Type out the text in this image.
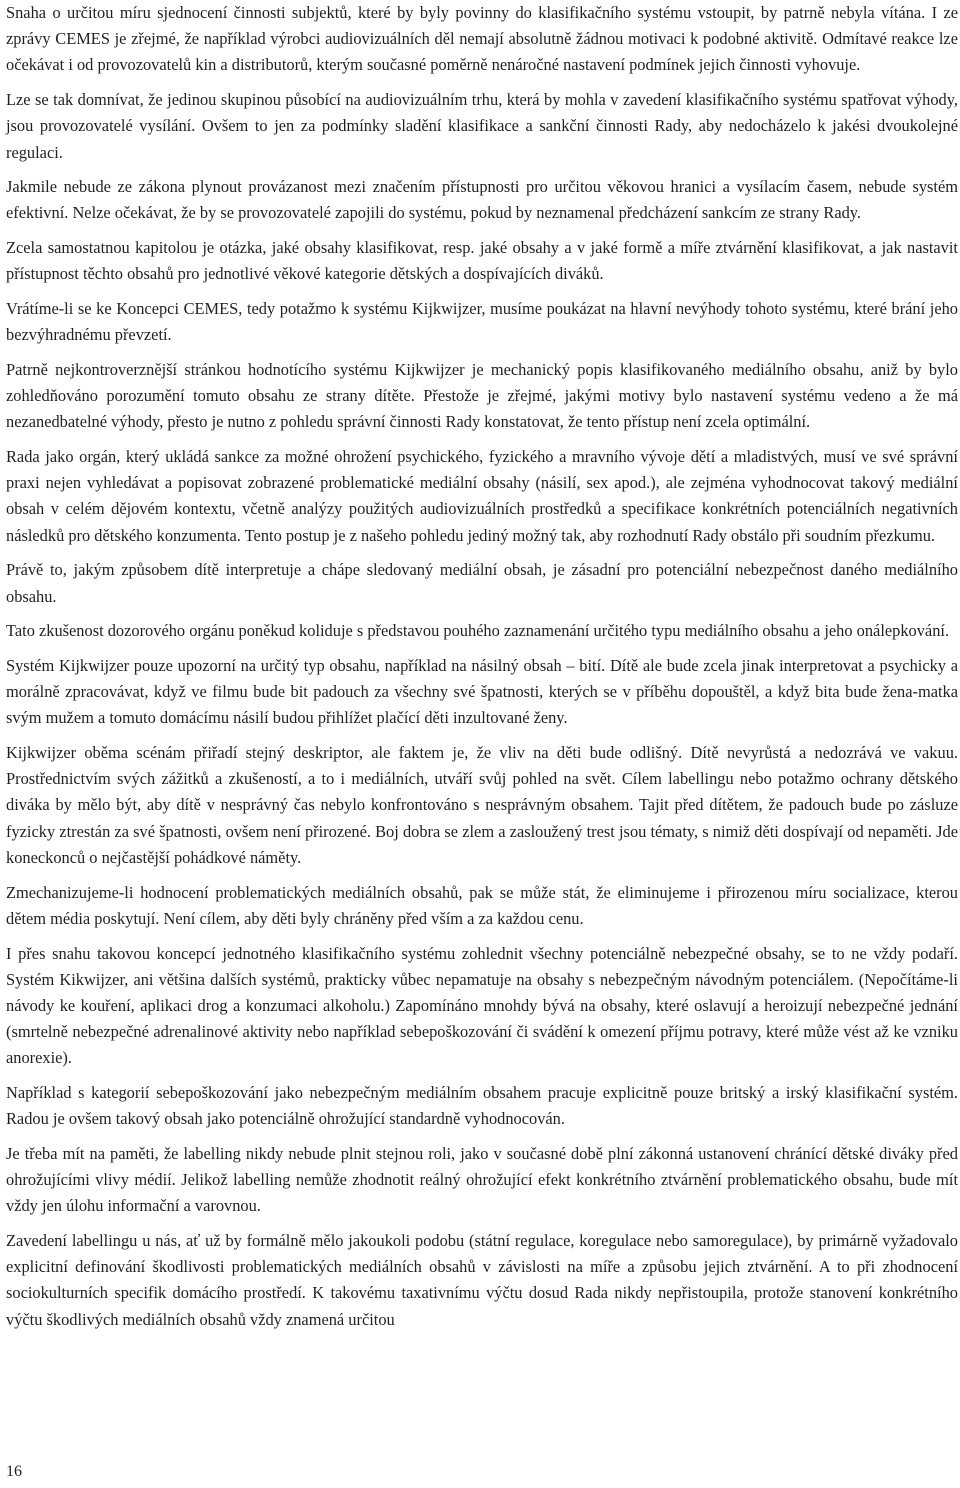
Snaha o určitou míru sjednocení činnosti subjektů, které by byly povinny do klasifikačního systému vstoupit, by patrně nebyla vítána. I ze zprávy CEMES je zřejmé, že například výrobci audiovizuálních děl nemají absolutně žádnou motivaci k podobné aktivitě. Odmítavé reakce lze očekávat i od provozovatelů kin a distributorů, kterým současné poměrně nenáročné nastavení podmínek jejich činnosti vyhovuje.

Lze se tak domnívat, že jedinou skupinou působící na audiovizuálním trhu, která by mohla v zavedení klasifikačního systému spatřovat výhody, jsou provozovatelé vysílání. Ovšem to jen za podmínky sladění klasifikace a sankční činnosti Rady, aby nedocházelo k jakési dvoukolejné regulaci.

Jakmile nebude ze zákona plynout provázanost mezi značením přístupnosti pro určitou věkovou hranici a vysílacím časem, nebude systém efektivní. Nelze očekávat, že by se provozovatelé zapojili do systému, pokud by neznamenal předcházení sankcím ze strany Rady.

Zcela samostatnou kapitolou je otázka, jaké obsahy klasifikovat, resp. jaké obsahy a v jaké formě a míře ztvárnění klasifikovat, a jak nastavit přístupnost těchto obsahů pro jednotlivé věkové kategorie dětských a dospívajících diváků.

Vrátíme-li se ke Koncepci CEMES, tedy potažmo k systému Kijkwijzer, musíme poukázat na hlavní nevýhody tohoto systému, které brání jeho bezvýhradnému převzetí.

Patrně nejkontroverznější stránkou hodnotícího systému Kijkwijzer je mechanický popis klasifikovaného mediálního obsahu, aniž by bylo zohledňováno porozumění tomuto obsahu ze strany dítěte. Přestože je zřejmé, jakými motivy bylo nastavení systému vedeno a že má nezanedbatelné výhody, přesto je nutno z pohledu správní činnosti Rady konstatovat, že tento přístup není zcela optimální.

Rada jako orgán, který ukládá sankce za možné ohrožení psychického, fyzického a mravního vývoje dětí a mladistvých, musí ve své správní praxi nejen vyhledávat a popisovat zobrazené problematické mediální obsahy (násilí, sex apod.), ale zejména vyhodnocovat takový mediální obsah v celém dějovém kontextu, včetně analýzy použitých audiovizuálních prostředků a specifikace konkrétních potenciálních negativních následků pro dětského konzumenta. Tento postup je z našeho pohledu jediný možný tak, aby rozhodnutí Rady obstálo při soudním přezkumu.

Právě to, jakým způsobem dítě interpretuje a chápe sledovaný mediální obsah, je zásadní pro potenciální nebezpečnost daného mediálního obsahu.

Tato zkušenost dozorového orgánu poněkud koliduje s představou pouhého zaznamenání určitého typu mediálního obsahu a jeho onálepkování.

Systém Kijkwijzer pouze upozorní na určitý typ obsahu, například na násilný obsah – bití. Dítě ale bude zcela jinak interpretovat a psychicky a morálně zpracovávat, když ve filmu bude bit padouch za všechny své špatnosti, kterých se v příběhu dopouštěl, a když bita bude žena-matka svým mužem a tomuto domácímu násilí budou přihlížet plačící děti inzultované ženy.

Kijkwijzer oběma scénám přiřadí stejný deskriptor, ale faktem je, že vliv na děti bude odlišný. Dítě nevyrůstá a nedozrává ve vakuu. Prostřednictvím svých zážitků a zkušeností, a to i mediálních, utváří svůj pohled na svět. Cílem labellingu nebo potažmo ochrany dětského diváka by mělo být, aby dítě v nesprávný čas nebylo konfrontováno s nesprávným obsahem. Tajit před dítětem, že padouch bude po zásluze fyzicky ztrestán za své špatnosti, ovšem není přirozené. Boj dobra se zlem a zasloužený trest jsou tématy, s nimiž děti dospívají od nepaměti. Jde koneckonců o nejčastější pohádkové náměty.

Zmechanizujeme-li hodnocení problematických mediálních obsahů, pak se může stát, že eliminujeme i přirozenou míru socializace, kterou dětem média poskytují. Není cílem, aby děti byly chráněny před vším a za každou cenu.

I přes snahu takovou koncepcí jednotného klasifikačního systému zohlednit všechny potenciálně nebezpečné obsahy, se to ne vždy podaří. Systém Kikwijzer, ani většina dalších systémů, prakticky vůbec nepamatuje na obsahy s nebezpečným návodným potenciálem. (Nepočítáme-li návody ke kouření, aplikaci drog a konzumaci alkoholu.) Zapomínáno mnohdy bývá na obsahy, které oslavují a heroizují nebezpečné jednání (smrtelně nebezpečné adrenalinové aktivity nebo například sebepoškozování či svádění k omezení příjmu potravy, které může vést až ke vzniku anorexie).

Například s kategorií sebepoškozování jako nebezpečným mediálním obsahem pracuje explicitně pouze britský a irský klasifikační systém. Radou je ovšem takový obsah jako potenciálně ohrožující standardně vyhodnocován.

Je třeba mít na paměti, že labelling nikdy nebude plnit stejnou roli, jako v současné době plní zákonná ustanovení chránící dětské diváky před ohrožujícími vlivy médií. Jelikož labelling nemůže zhodnotit reálný ohrožující efekt konkrétního ztvárnění problematického obsahu, bude mít vždy jen úlohu informační a varovnou.

Zavedení labellingu u nás, ať už by formálně mělo jakoukoli podobu (státní regulace, koregulace nebo samoregulace), by primárně vyžadovalo explicitní definování škodlivosti problematických mediálních obsahů v závislosti na míře a způsobu jejich ztvárnění. A to při zhodnocení sociokulturních specifik domácího prostředí. K takovému taxativnímu výčtu dosud Rada nikdy nepřistoupila, protože stanovení konkrétního výčtu škodlivých mediálních obsahů vždy znamená určitou

16
